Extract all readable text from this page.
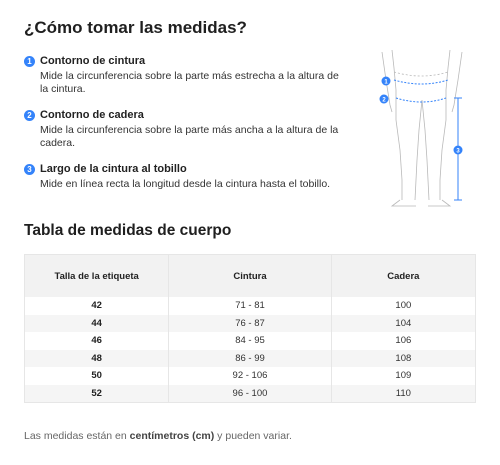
¿Cómo tomar las medidas?
1 Contorno de cintura
Mide la circunferencia sobre la parte más estrecha a la altura de la cintura.
2 Contorno de cadera
Mide la circunferencia sobre la parte más ancha a la altura de la cadera.
3 Largo de la cintura al tobillo
Mide en línea recta la longitud desde la cintura hasta el tobillo.
1
2
3
Tabla de medidas de cuerpo
Talla de la etiqueta	Cintura	Cadera
42	71 - 81	100
44	76 - 87	104
46	84 - 95	106
48	86 - 99	108
50	92 - 106	109
52	96 - 100	110
Las medidas están en centímetros (cm) y pueden variar.
